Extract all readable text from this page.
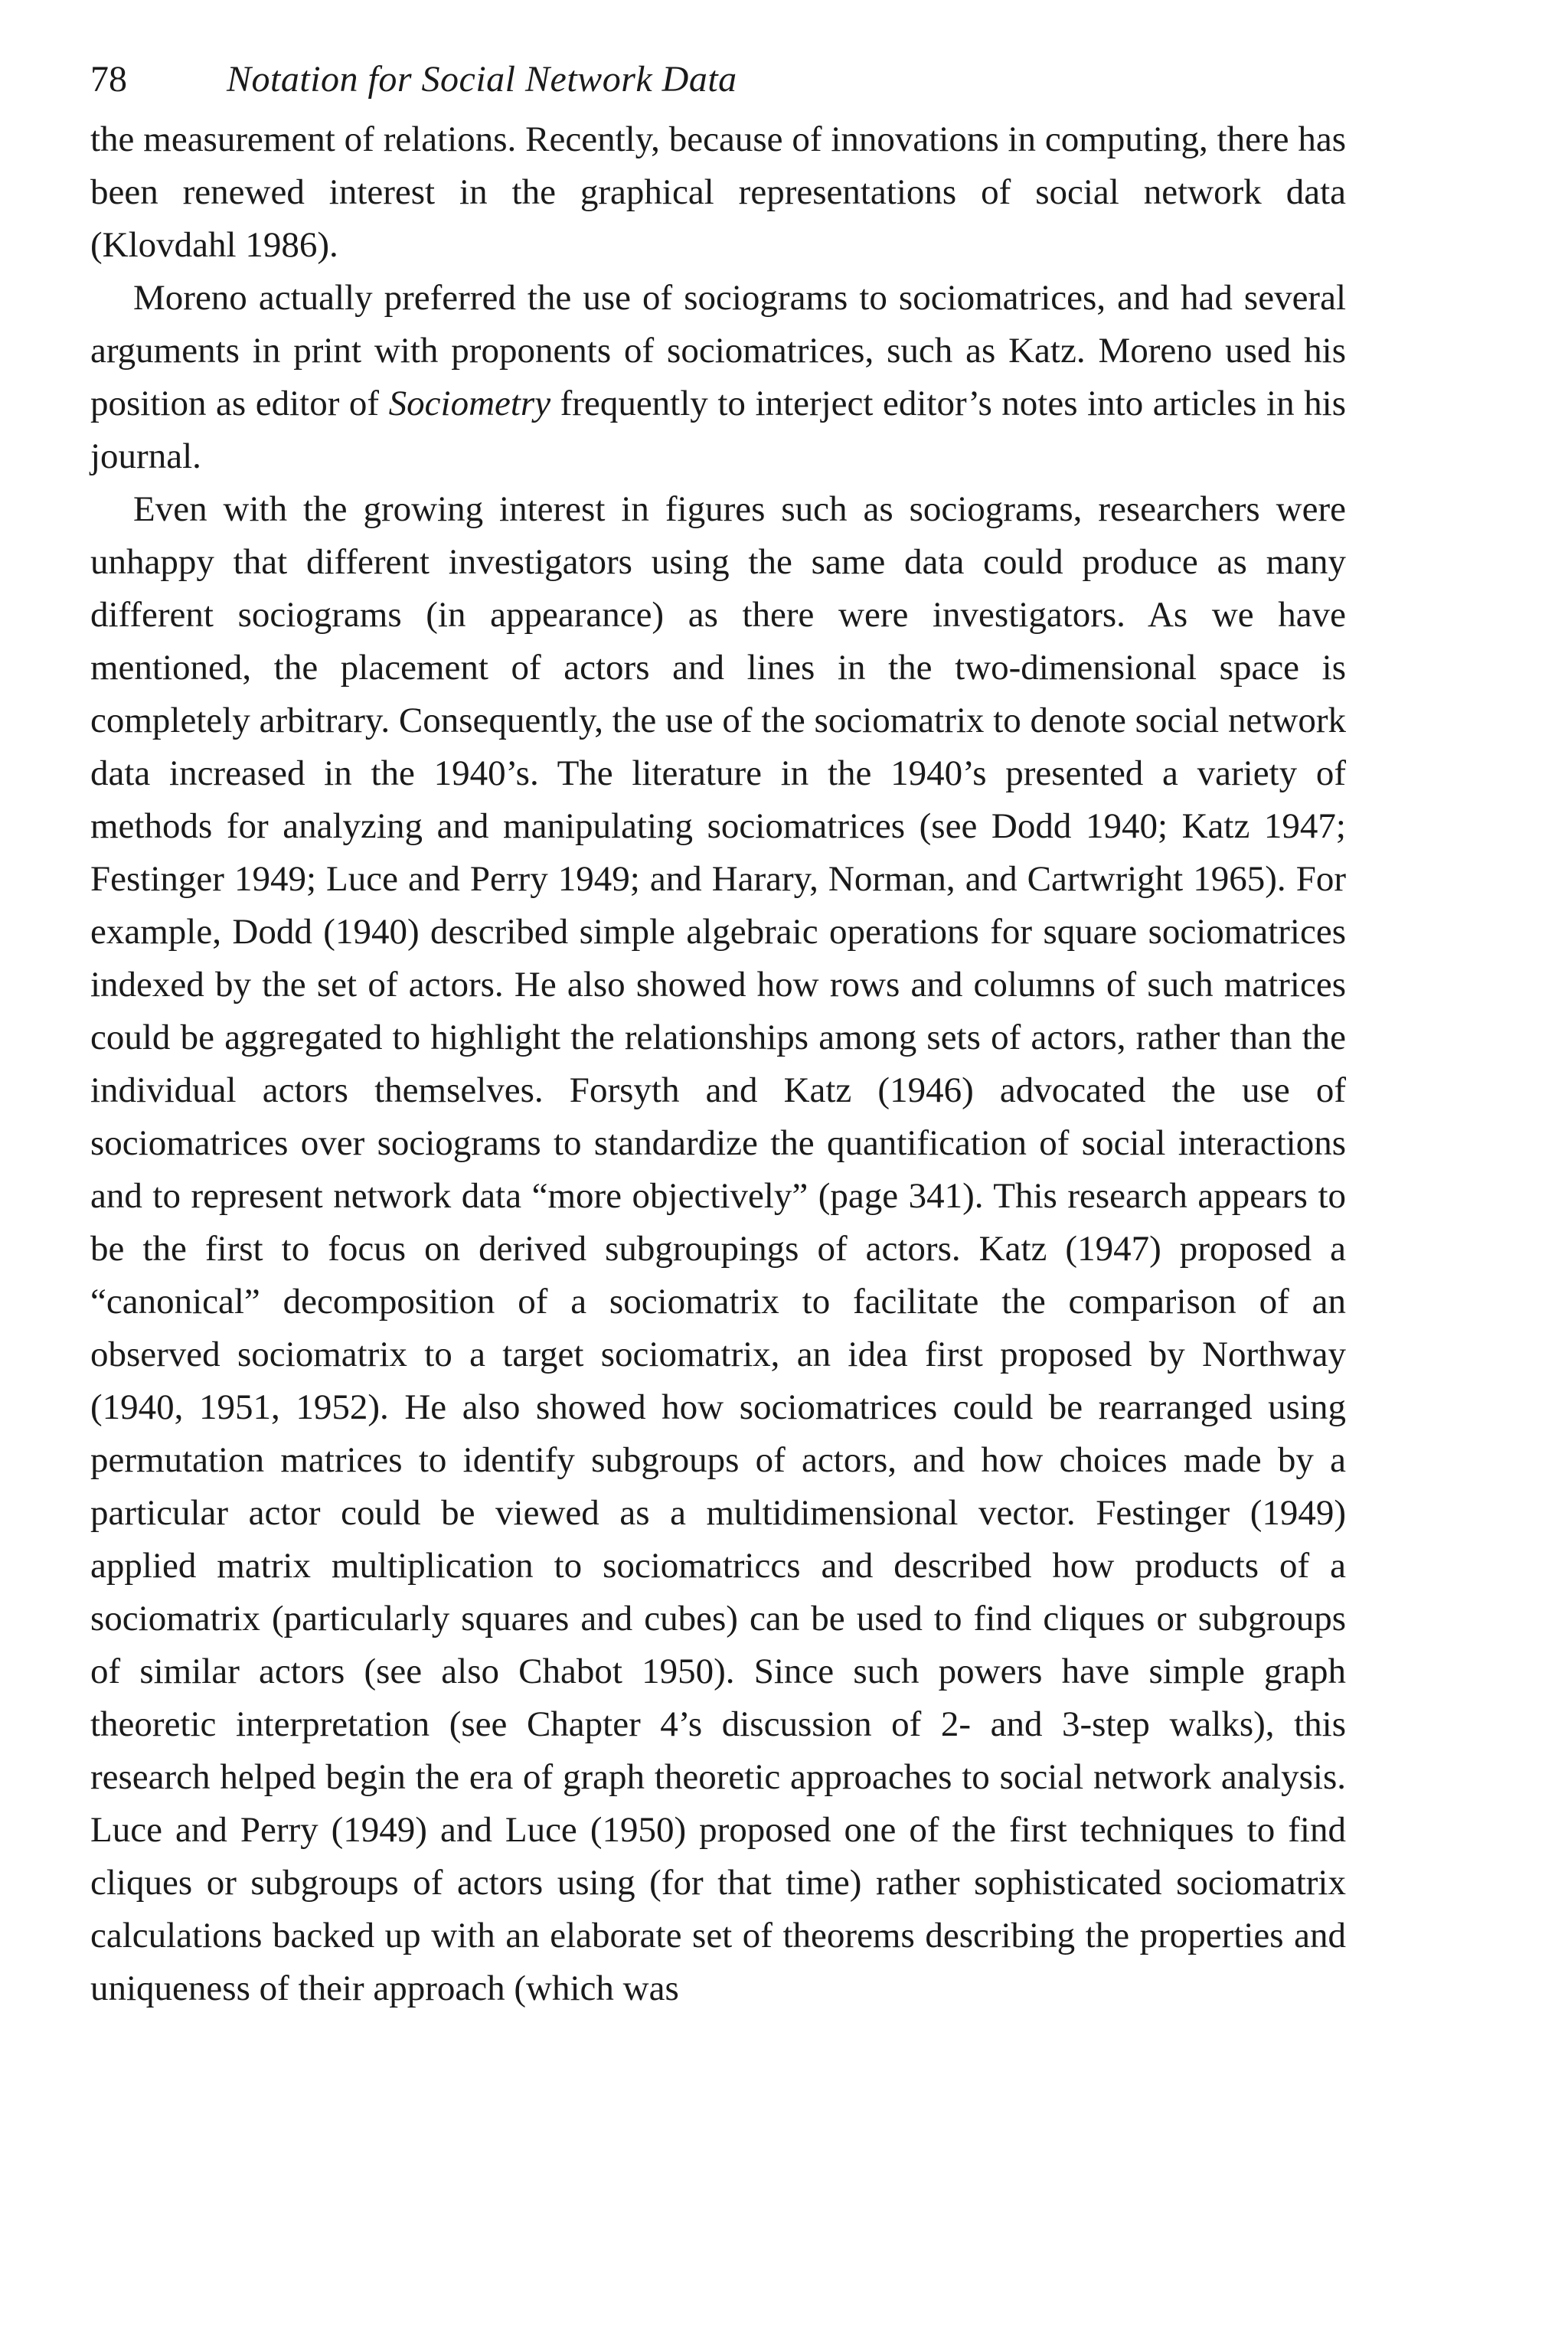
78	Notation for Social Network Data

the measurement of relations. Recently, because of innovations in computing, there has been renewed interest in the graphical representations of social network data (Klovdahl 1986).

Moreno actually preferred the use of sociograms to sociomatrices, and had several arguments in print with proponents of sociomatrices, such as Katz. Moreno used his position as editor of Sociometry frequently to interject editor’s notes into articles in his journal.

Even with the growing interest in figures such as sociograms, researchers were unhappy that different investigators using the same data could produce as many different sociograms (in appearance) as there were investigators. As we have mentioned, the placement of actors and lines in the two-dimensional space is completely arbitrary. Consequently, the use of the sociomatrix to denote social network data increased in the 1940’s. The literature in the 1940’s presented a variety of methods for analyzing and manipulating sociomatrices (see Dodd 1940; Katz 1947; Festinger 1949; Luce and Perry 1949; and Harary, Norman, and Cartwright 1965). For example, Dodd (1940) described simple algebraic operations for square sociomatrices indexed by the set of actors. He also showed how rows and columns of such matrices could be aggregated to highlight the relationships among sets of actors, rather than the individual actors themselves. Forsyth and Katz (1946) advocated the use of sociomatrices over sociograms to standardize the quantification of social interactions and to represent network data “more objectively” (page 341). This research appears to be the first to focus on derived subgroupings of actors. Katz (1947) proposed a “canonical” decomposition of a sociomatrix to facilitate the comparison of an observed sociomatrix to a target sociomatrix, an idea first proposed by Northway (1940, 1951, 1952). He also showed how sociomatrices could be rearranged using permutation matrices to identify subgroups of actors, and how choices made by a particular actor could be viewed as a multidimensional vector. Festinger (1949) applied matrix multiplication to sociomatriccs and described how products of a sociomatrix (particularly squares and cubes) can be used to find cliques or subgroups of similar actors (see also Chabot 1950). Since such powers have simple graph theoretic interpretation (see Chapter 4’s discussion of 2- and 3-step walks), this research helped begin the era of graph theoretic approaches to social network analysis. Luce and Perry (1949) and Luce (1950) proposed one of the first techniques to find cliques or subgroups of actors using (for that time) rather sophisticated sociomatrix calculations backed up with an elaborate set of theorems describing the properties and uniqueness of their approach (which was
